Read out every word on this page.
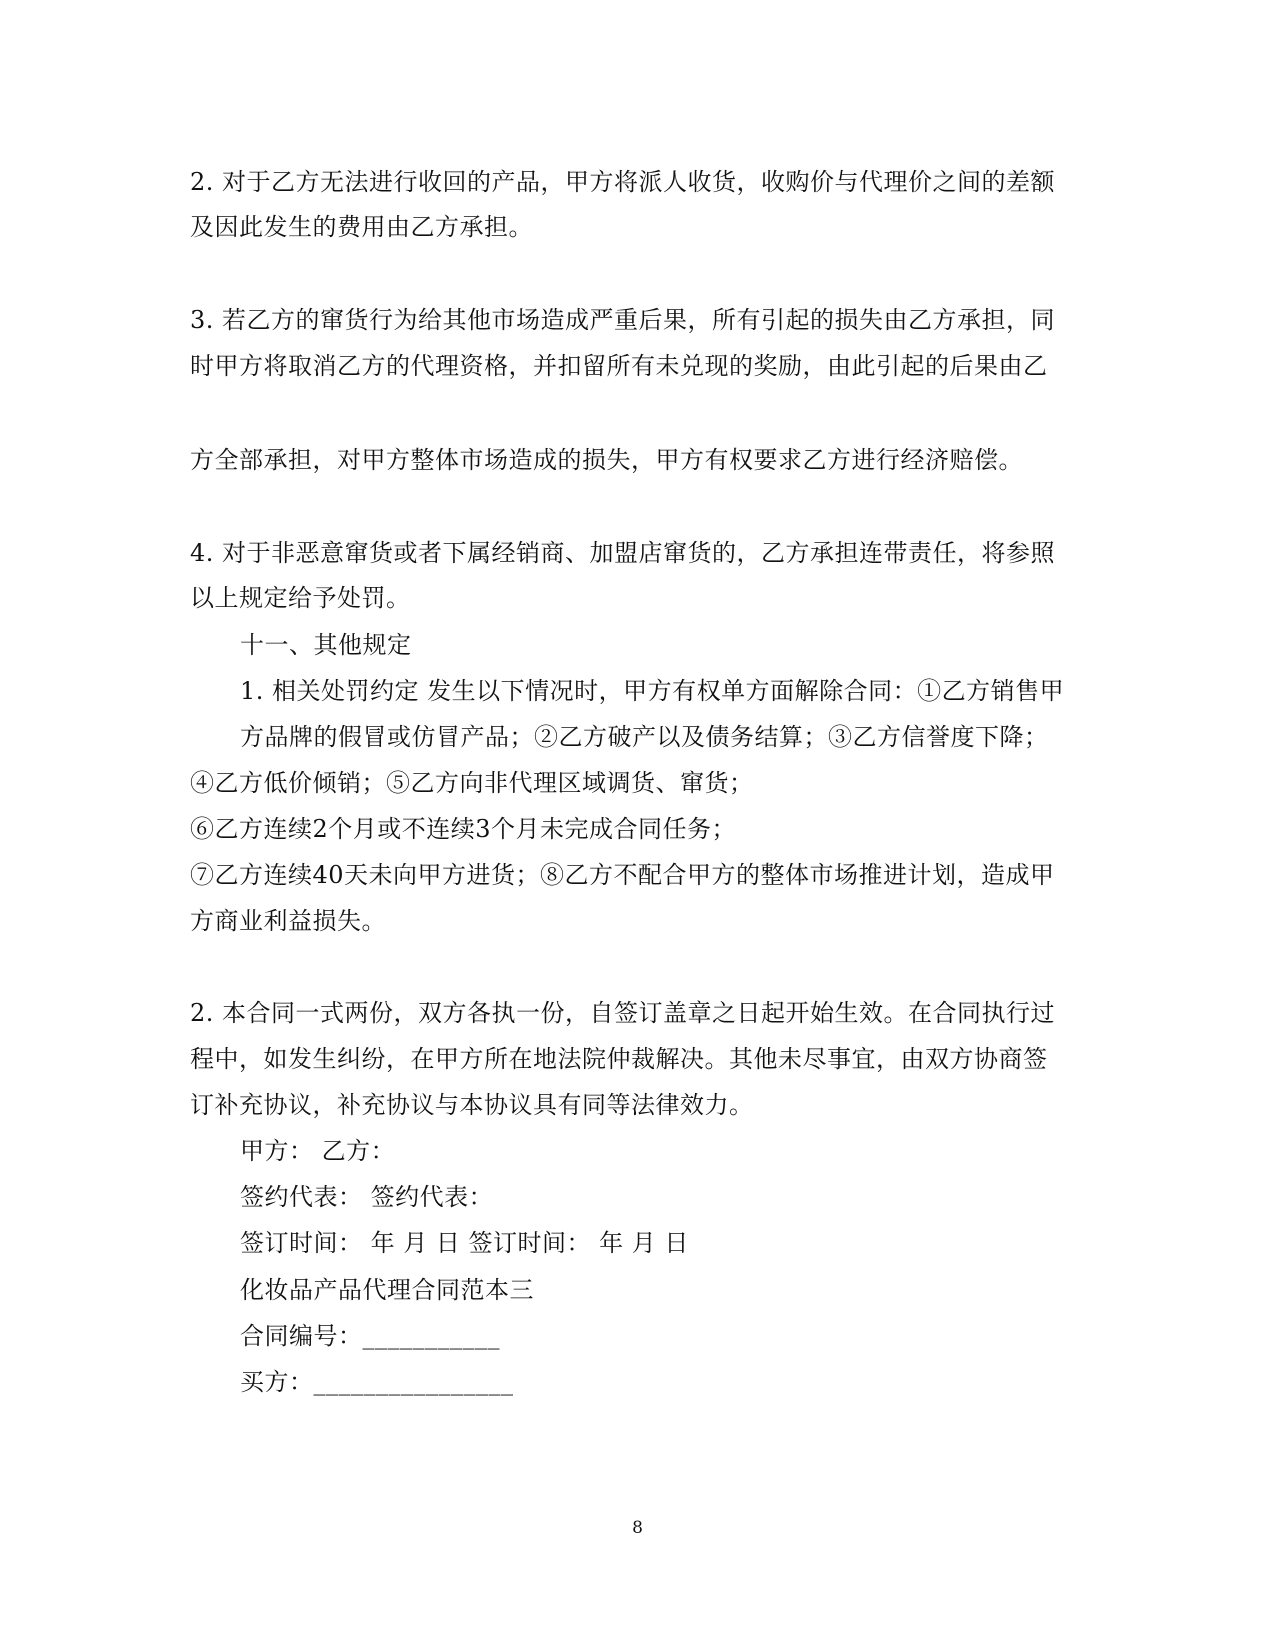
2. 对于乙方无法进行收回的产品，甲方将派人收货，收购价与代理价之间的差额
及因此发生的费用由乙方承担。
3. 若乙方的窜货行为给其他市场造成严重后果，所有引起的损失由乙方承担，同
时甲方将取消乙方的代理资格，并扣留所有未兑现的奖励，由此引起的后果由乙
方全部承担，对甲方整体市场造成的损失，甲方有权要求乙方进行经济赔偿。
4. 对于非恶意窜货或者下属经销商、加盟店窜货的，乙方承担连带责任，将参照
以上规定给予处罚。
十一、其他规定
1. 相关处罚约定 发生以下情况时，甲方有权单方面解除合同：①乙方销售甲
方品牌的假冒或仿冒产品；②乙方破产以及债务结算；③乙方信誉度下降；
④乙方低价倾销；⑤乙方向非代理区域调货、窜货；
⑥乙方连续2个月或不连续3个月未完成合同任务；
⑦乙方连续40天未向甲方进货；⑧乙方不配合甲方的整体市场推进计划，造成甲
方商业利益损失。
2. 本合同一式两份，双方各执一份，自签订盖章之日起开始生效。在合同执行过
程中，如发生纠纷，在甲方所在地法院仲裁解决。其他未尽事宜，由双方协商签
订补充协议，补充协议与本协议具有同等法律效力。
甲方： 乙方：
签约代表： 签约代表：
签订时间： 年 月 日 签订时间： 年 月 日
化妆品产品代理合同范本三
合同编号：___________
买方：________________
8
